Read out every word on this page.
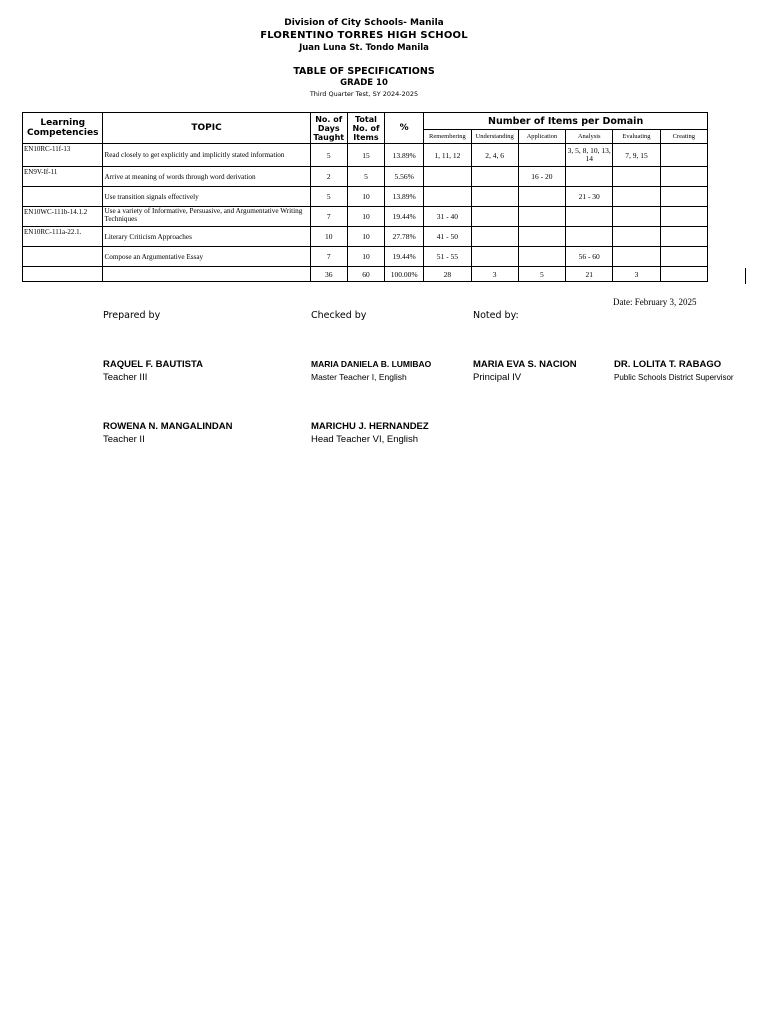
Division of City Schools- Manila
FLORENTINO TORRES HIGH SCHOOL
Juan Luna St. Tondo Manila
TABLE OF SPECIFICATIONS
GRADE 10
Third Quarter Test, SY 2024-2025
Learning Competencies	TOPIC	No. of Days Taught	Total No. of Items	%	Number of Items per Domain					
					Remembering	Understanding	Application	Analysis	Evaluating	Creating
EN10RC-11f-13	Read closely to get explicitly and implicitly stated information	5	15	13.89%	1, 11, 12	2, 4, 6		3, 5, 8, 10, 13, 14	7, 9, 15	
EN9V-If-11	Arrive at meaning of words through word derivation	2	5	5.56%			16 - 20			
	Use transition signals effectively	5	10	13.89%				21 - 30		
EN10WC-111b-14.1.2	Use a variety of Informative, Persuasive, and Argumentative Writing Techniques	7	10	19.44%	31 - 40					
EN10RC-111a-22.1.	Literary Criticism Approaches	10	10	27.78%	41 - 50					
	Compose an Argumentative Essay	7	10	19.44%	51 - 55			56 - 60		
		36	60	100.00%	28	3	5	21	3	
Date: February 3, 2025
Prepared by	Checked by	Noted by:
RAQUEL F. BAUTISTA
Teacher III
MARIA DANIELA B. LUMIBAO
Master Teacher I, English
MARIA EVA S. NACION
Principal IV
DR. LOLITA T. RABAGO
Public Schools District Supervisor
ROWENA N. MANGALINDAN
Teacher II
MARICHU J. HERNANDEZ
Head Teacher VI, English
